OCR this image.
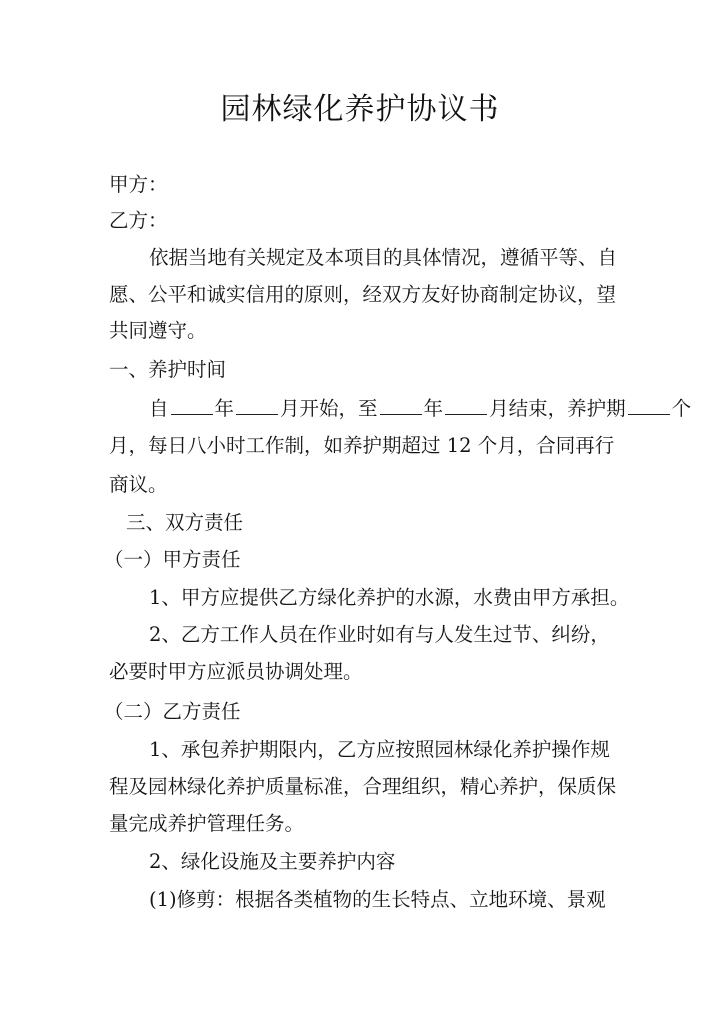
园林绿化养护协议书
甲方：
乙方：
依据当地有关规定及本项目的具体情况，遵循平等、自
愿、公平和诚实信用的原则，经双方友好协商制定协议，望
共同遵守。
一、养护时间
自 年 月开始，至 年 月结束，养护期 个
月，每日八小时工作制，如养护期超过 12 个月，合同再行
商议。
三、双方责任
（一）甲方责任
1、甲方应提供乙方绿化养护的水源，水费由甲方承担。
2、乙方工作人员在作业时如有与人发生过节、纠纷，
必要时甲方应派员协调处理。
（二）乙方责任
1、承包养护期限内，乙方应按照园林绿化养护操作规
程及园林绿化养护质量标准，合理组织，精心养护，保质保
量完成养护管理任务。
2、绿化设施及主要养护内容
(1)修剪：根据各类植物的生长特点、立地环境、景观
